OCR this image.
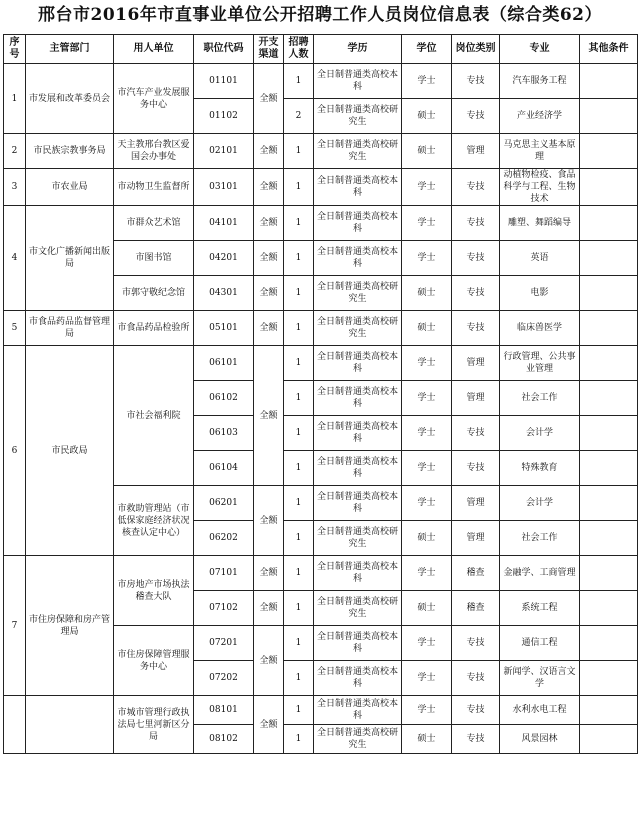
邢台市2016年市直事业单位公开招聘工作人员岗位信息表（综合类62）
序号	主管部门	用人单位	职位代码	开支渠道	招聘人数	学历	学位	岗位类别	专业	其他条件
1	市发展和改革委员会	市汽车产业发展服务中心	01101	全额	1	全日制普通类高校本科	学士	专技	汽车服务工程	
			01102		2	全日制普通类高校研究生	硕士	专技	产业经济学	
2	市民族宗教事务局	天主教邢台教区爱国会办事处	02101	全额	1	全日制普通类高校研究生	硕士	管理	马克思主义基本原理	
3	市农业局	市动物卫生监督所	03101	全额	1	全日制普通类高校本科	学士	专技	动植物检疫、食品科学与工程、生物技术	
4	市文化广播新闻出版局	市群众艺术馆	04101	全额	1	全日制普通类高校本科	学士	专技	雕塑、舞蹈编导	
		市图书馆	04201	全额	1	全日制普通类高校本科	学士	专技	英语	
		市郭守敬纪念馆	04301	全额	1	全日制普通类高校研究生	硕士	专技	电影	
5	市食品药品监督管理局	市食品药品检验所	05101	全额	1	全日制普通类高校研究生	硕士	专技	临床兽医学	
6	市民政局	市社会福利院	06101	全额	1	全日制普通类高校本科	学士	管理	行政管理、公共事业管理	
			06102		1	全日制普通类高校本科	学士	管理	社会工作	
			06103		1	全日制普通类高校本科	学士	专技	会计学	
			06104		1	全日制普通类高校本科	学士	专技	特殊教育	
		市救助管理站（市低保家庭经济状况核查认定中心）	06201	全额	1	全日制普通类高校本科	学士	管理	会计学	
			06202		1	全日制普通类高校研究生	硕士	管理	社会工作	
7	市住房保障和房产管理局	市房地产市场执法稽查大队	07101	全额	1	全日制普通类高校本科	学士	稽查	金融学、工商管理	
			07102	全额	1	全日制普通类高校研究生	硕士	稽查	系统工程	
		市住房保障管理服务中心	07201	全额	1	全日制普通类高校本科	学士	专技	通信工程	
			07202		1	全日制普通类高校本科	学士	专技	新闻学、汉语言文学	
		市城市管理行政执法局七里河新区分局	08101	全额	1	全日制普通类高校本科	学士	专技	水利水电工程	
			08102		1	全日制普通类高校研究生	硕士	专技	风景园林	
